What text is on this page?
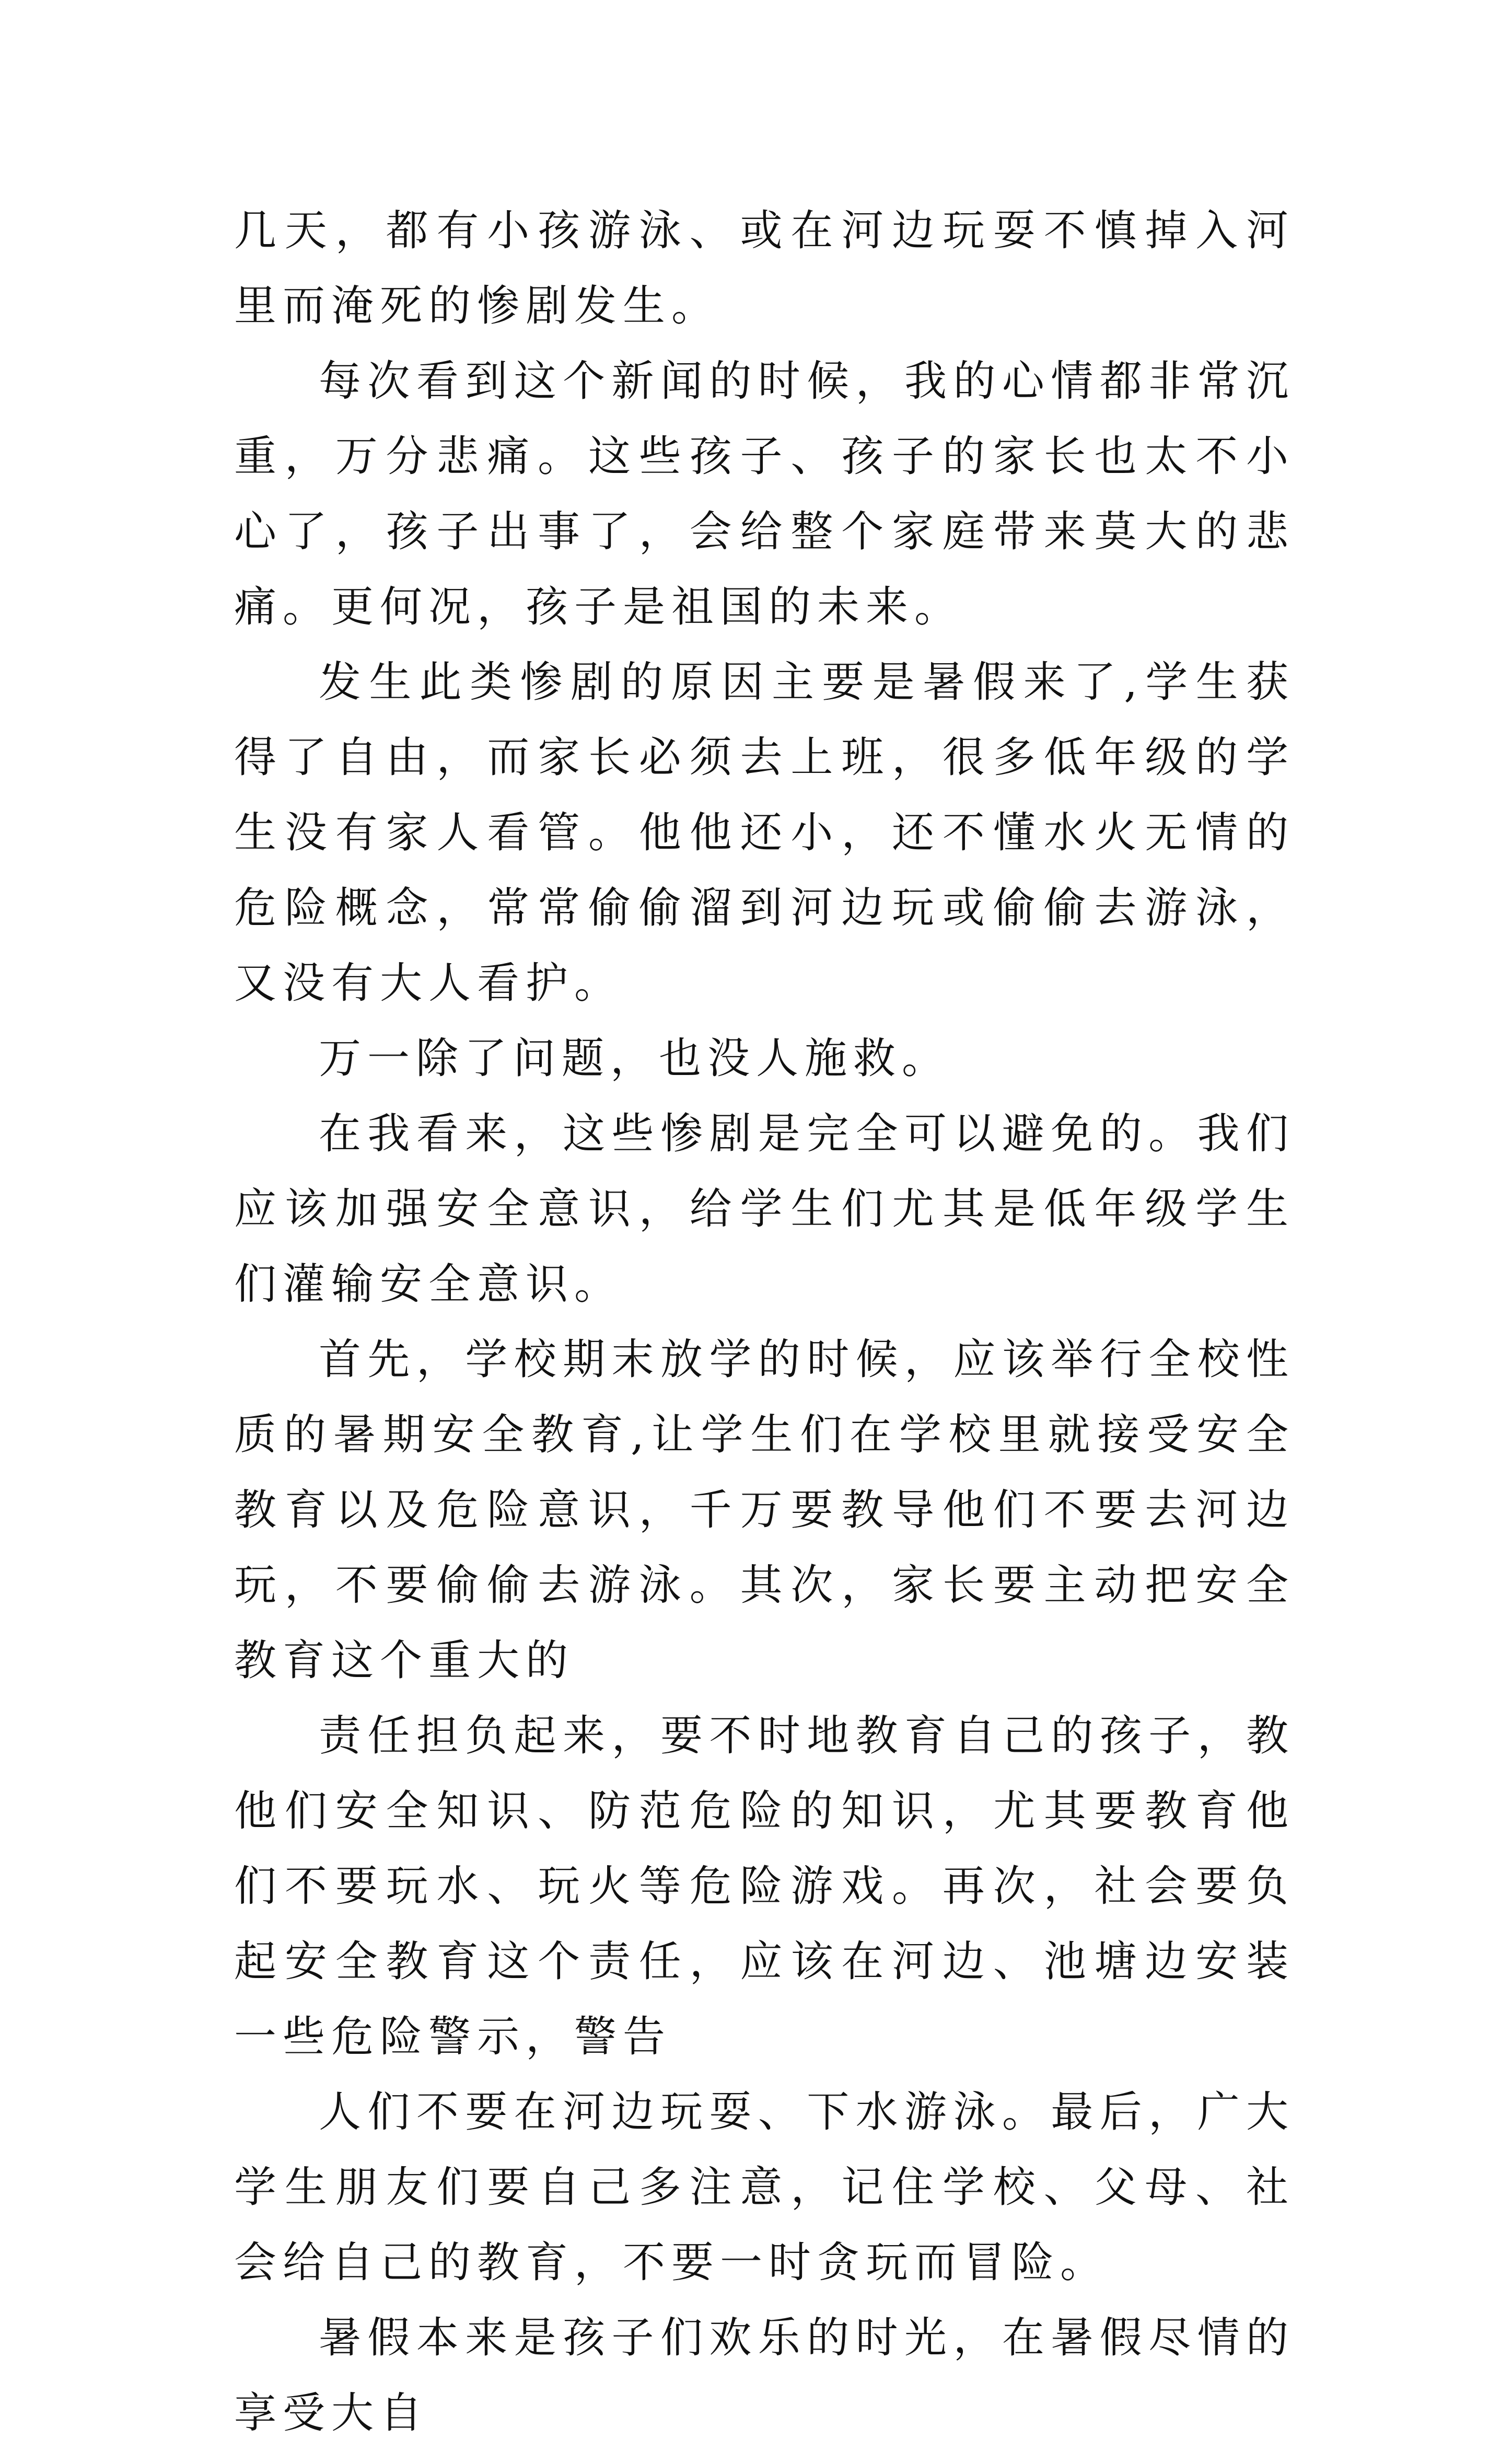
几天，都有小孩游泳、或在河边玩耍不慎掉入河里而淹死的惨剧发生。

每次看到这个新闻的时候，我的心情都非常沉重，万分悲痛。这些孩子、孩子的家长也太不小心了，孩子出事了，会给整个家庭带来莫大的悲痛。更何况，孩子是祖国的未来。

发生此类惨剧的原因主要是暑假来了,学生获得了自由，而家长必须去上班，很多低年级的学生没有家人看管。他他还小，还不懂水火无情的危险概念，常常偷偷溜到河边玩或偷偷去游泳，又没有大人看护。

万一除了问题，也没人施救。

在我看来，这些惨剧是完全可以避免的。我们应该加强安全意识，给学生们尤其是低年级学生们灌输安全意识。

首先，学校期末放学的时候，应该举行全校性质的暑期安全教育,让学生们在学校里就接受安全教育以及危险意识，千万要教导他们不要去河边玩，不要偷偷去游泳。其次，家长要主动把安全教育这个重大的

责任担负起来，要不时地教育自己的孩子，教他们安全知识、防范危险的知识，尤其要教育他们不要玩水、玩火等危险游戏。再次，社会要负起安全教育这个责任，应该在河边、池塘边安装一些危险警示，警告

人们不要在河边玩耍、下水游泳。最后，广大学生朋友们要自己多注意，记住学校、父母、社会给自己的教育，不要一时贪玩而冒险。

暑假本来是孩子们欢乐的时光，在暑假尽情的享受大自
